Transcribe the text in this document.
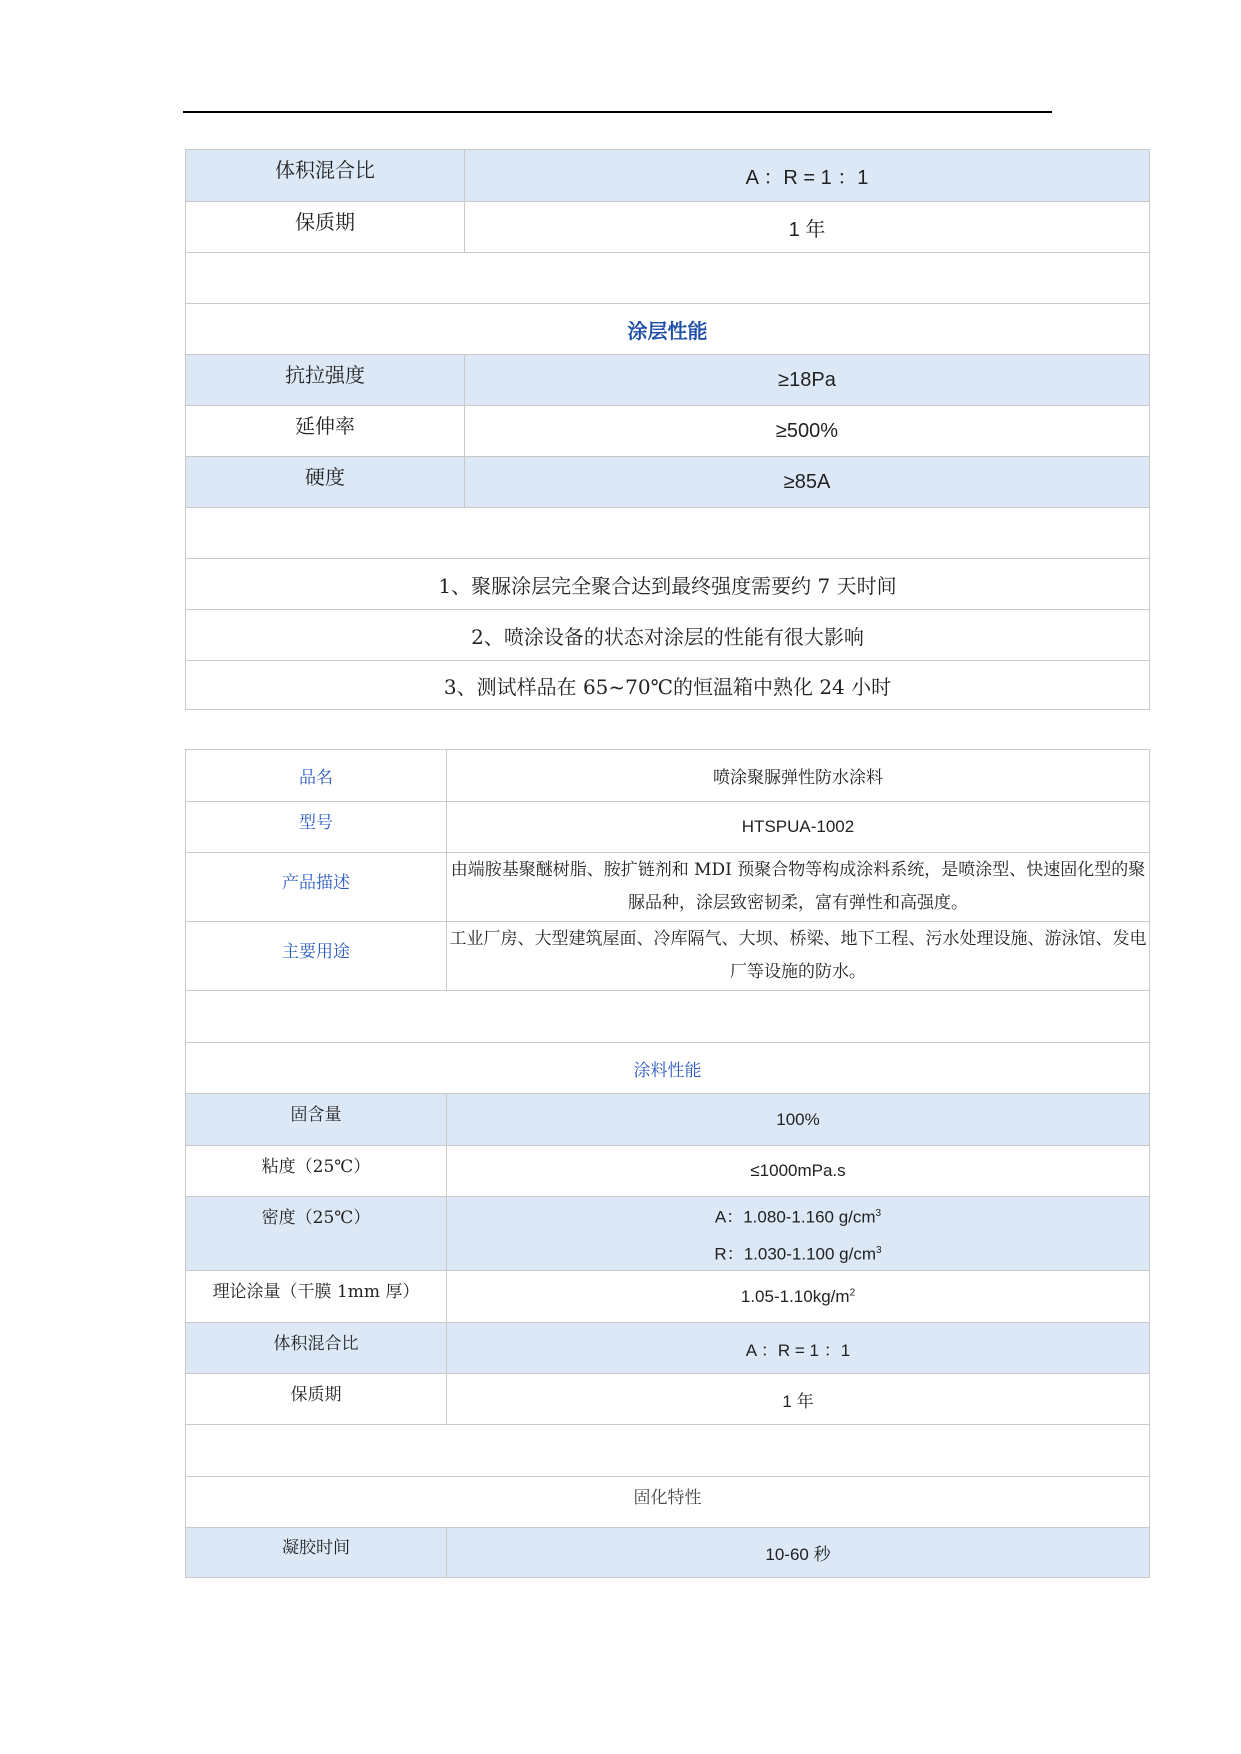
体积混合比	A ：R = 1 ：1
保质期	1 年

涂层性能	
抗拉强度	≥18Pa
延伸率	≥500%
硬度	≥85A

1、聚脲涂层完全聚合达到最终强度需要约 7 天时间	
2、喷涂设备的状态对涂层的性能有很大影响	
3、测试样品在 65~70℃的恒温箱中熟化 24 小时	
品名	喷涂聚脲弹性防水涂料
型号	HTSPUA-1002
产品描述	由端胺基聚醚树脂、胺扩链剂和 MDI 预聚合物等构成涂料系统，是喷涂型、快速固化型的聚脲品种，涂层致密韧柔，富有弹性和高强度。
主要用途	工业厂房、大型建筑屋面、冷库隔气、大坝、桥梁、地下工程、污水处理设施、游泳馆、发电厂等设施的防水。

涂料性能	
固含量	100%
粘度（25℃）	≤1000mPa.s
密度（25℃）	A：1.080-1.160 $g/cm^3$
R：1.030-1.100 $g/cm^3$

理论涂量（干膜 1mm 厚）	$1.05-1.10kg/m^2$
体积混合比	A ：R = 1 ：1
保质期	1 年

固化特性	
凝胶时间	10-60 秒
